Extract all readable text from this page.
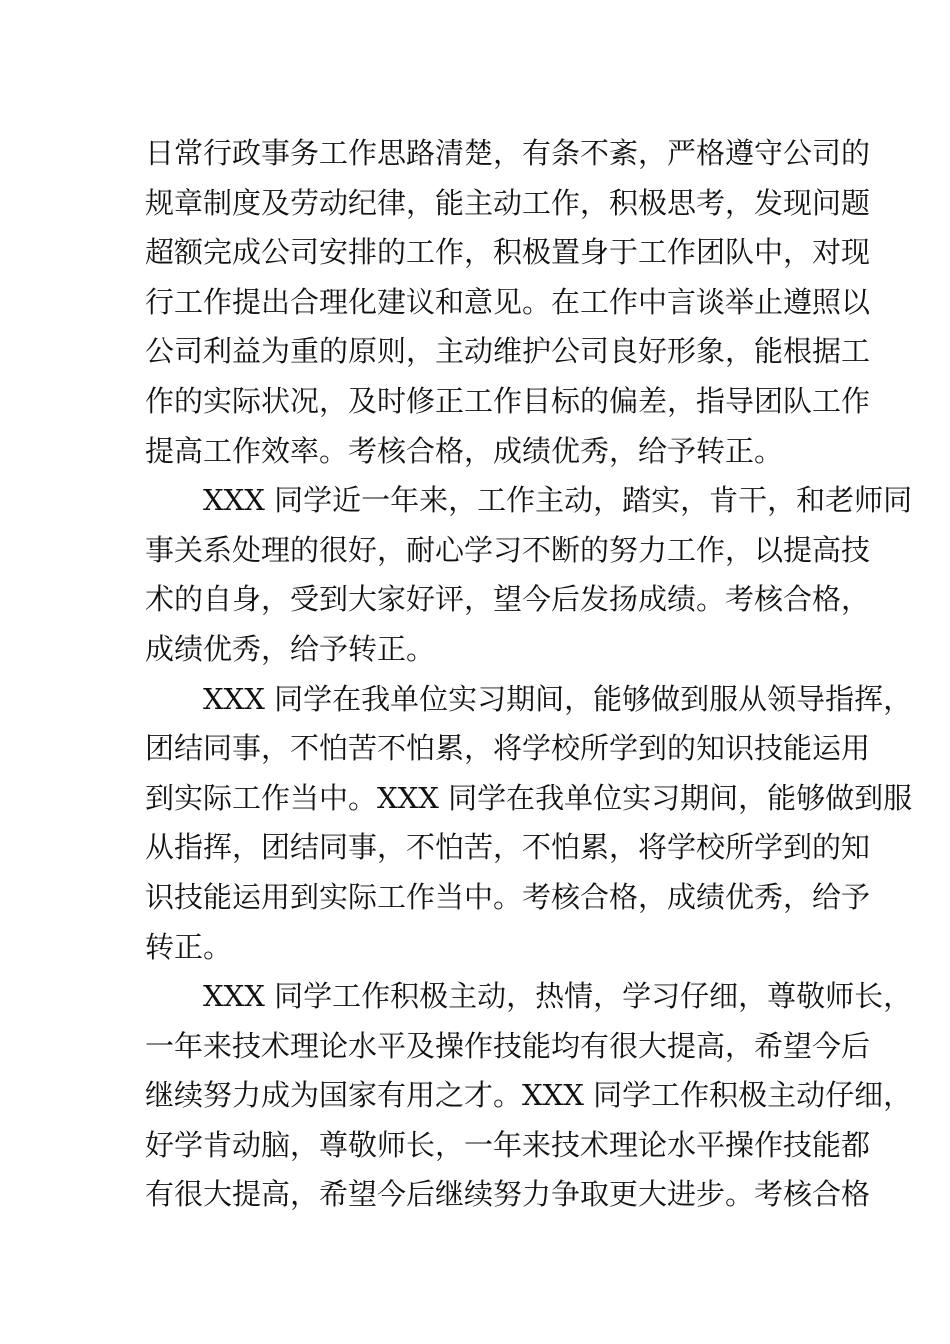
日常行政事务工作思路清楚，有条不紊，严格遵守公司的
规章制度及劳动纪律，能主动工作，积极思考，发现问题
超额完成公司安排的工作，积极置身于工作团队中，对现
行工作提出合理化建议和意见。在工作中言谈举止遵照以
公司利益为重的原则，主动维护公司良好形象，能根据工
作的实际状况，及时修正工作目标的偏差，指导团队工作
提高工作效率。考核合格，成绩优秀，给予转正。
XXX 同学近一年来，工作主动，踏实，肯干，和老师同
事关系处理的很好，耐心学习不断的努力工作，以提高技
术的自身，受到大家好评，望今后发扬成绩。考核合格，
成绩优秀，给予转正。
XXX 同学在我单位实习期间，能够做到服从领导指挥，
团结同事，不怕苦不怕累，将学校所学到的知识技能运用
到实际工作当中。XXX 同学在我单位实习期间，能够做到服
从指挥，团结同事，不怕苦，不怕累，将学校所学到的知
识技能运用到实际工作当中。考核合格，成绩优秀，给予
转正。
XXX 同学工作积极主动，热情，学习仔细，尊敬师长，
一年来技术理论水平及操作技能均有很大提高，希望今后
继续努力成为国家有用之才。XXX 同学工作积极主动仔细，
好学肯动脑，尊敬师长，一年来技术理论水平操作技能都
有很大提高，希望今后继续努力争取更大进步。考核合格
